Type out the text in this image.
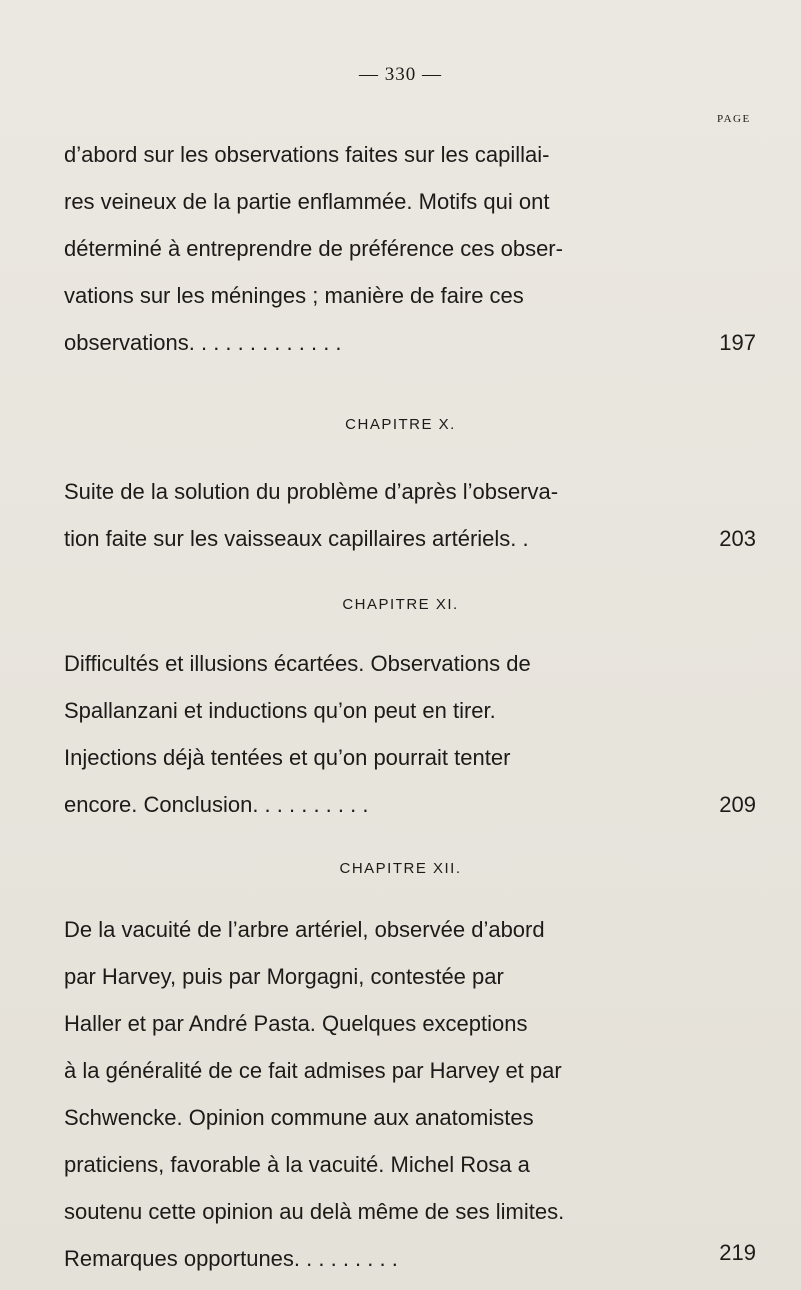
— 330 —
PAGE
d’abord sur les observations faites sur les capillai-
res veineux de la partie enflammée. Motifs qui ont
déterminé à entreprendre de préférence ces obser-
vations sur les méninges ; manière de faire ces
observations. . . . . . . . . . . . .	197
CHAPITRE X.
Suite de la solution du problème d’après l’observa-
tion faite sur les vaisseaux capillaires artériels. .	203
CHAPITRE XI.
Difficultés et illusions écartées. Observations de
Spallanzani et inductions qu’on peut en tirer.
Injections déjà tentées et qu’on pourrait tenter
encore. Conclusion. . . . . . . . . .	209
CHAPITRE XII.
De la vacuité de l’arbre artériel, observée d’abord
par Harvey, puis par Morgagni, contestée par
Haller et par André Pasta. Quelques exceptions
à la généralité de ce fait admises par Harvey et par
Schwencke. Opinion commune aux anatomistes
praticiens, favorable à la vacuité. Michel Rosa a
soutenu cette opinion au delà même de ses limites.
Remarques opportunes. . . . . . . . .	219
